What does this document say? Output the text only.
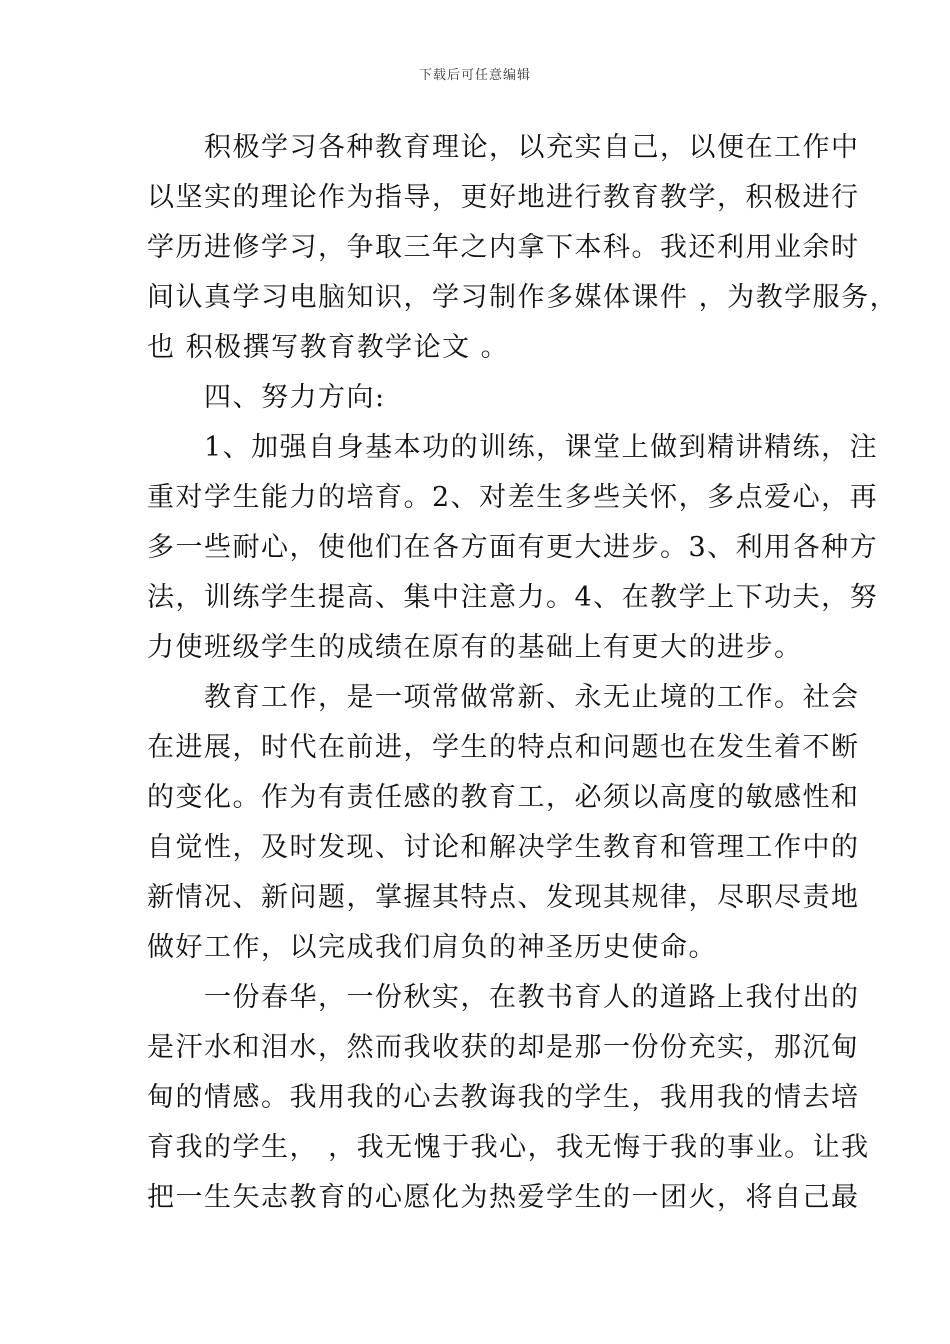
下载后可任意编辑
　　积极学习各种教育理论，以充实自己，以便在工作中
以坚实的理论作为指导，更好地进行教育教学，积极进行
学历进修学习，争取三年之内拿下本科。我还利用业余时
间认真学习电脑知识，学习制作多媒体课件 ，为教学服务，
也 积极撰写教育教学论文 。
　　四、努力方向:
　　1、加强自身基本功的训练，课堂上做到精讲精练，注
重对学生能力的培育。2、对差生多些关怀，多点爱心，再
多一些耐心，使他们在各方面有更大进步。3、利用各种方
法，训练学生提高、集中注意力。4、在教学上下功夫，努
力使班级学生的成绩在原有的基础上有更大的进步。
　　教育工作，是一项常做常新、永无止境的工作。社会
在进展，时代在前进，学生的特点和问题也在发生着不断
的变化。作为有责任感的教育工，必须以高度的敏感性和
自觉性，及时发现、讨论和解决学生教育和管理工作中的
新情况、新问题，掌握其特点、发现其规律，尽职尽责地
做好工作，以完成我们肩负的神圣历史使命。
　　一份春华，一份秋实，在教书育人的道路上我付出的
是汗水和泪水，然而我收获的却是那一份份充实，那沉甸
甸的情感。我用我的心去教诲我的学生，我用我的情去培
育我的学生， ，我无愧于我心，我无悔于我的事业。让我
把一生矢志教育的心愿化为热爱学生的一团火，将自己最
